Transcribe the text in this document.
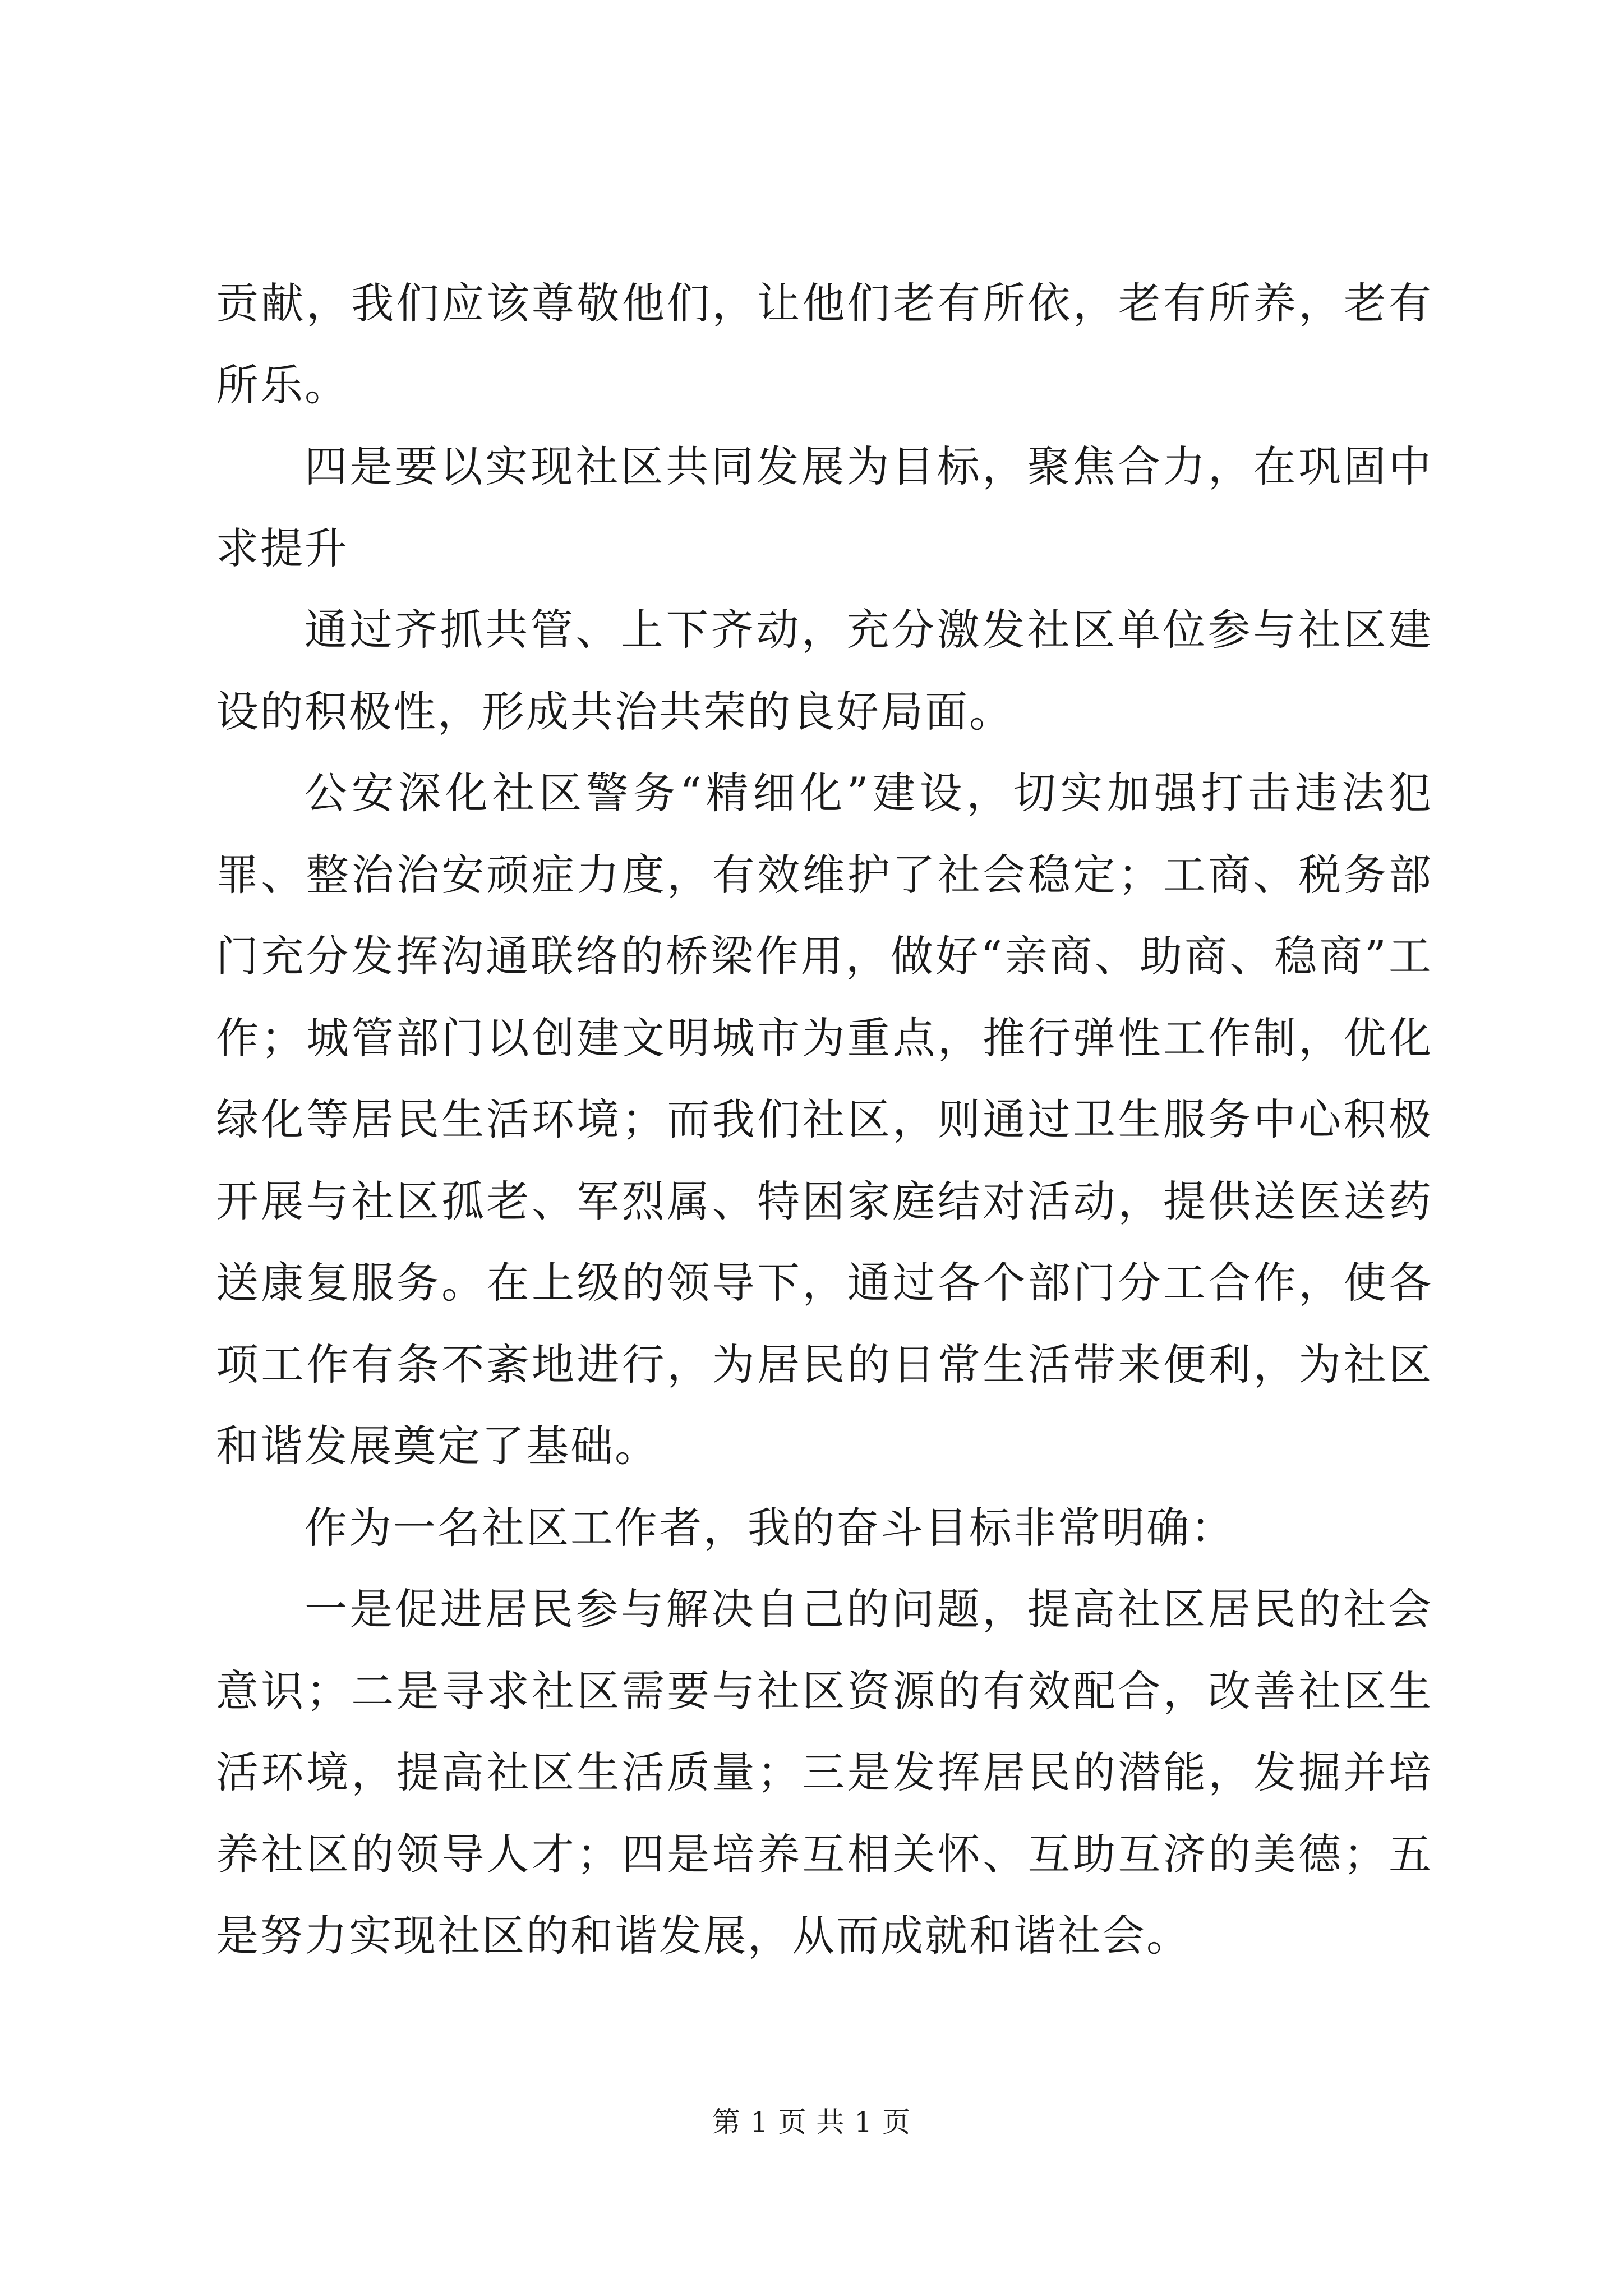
贡献，我们应该尊敬他们，让他们老有所依，老有所养，老有所乐。

四是要以实现社区共同发展为目标，聚焦合力，在巩固中求提升

通过齐抓共管、上下齐动，充分激发社区单位参与社区建设的积极性，形成共治共荣的良好局面。

公安深化社区警务“精细化”建设，切实加强打击违法犯罪、整治治安顽症力度，有效维护了社会稳定；工商、税务部门充分发挥沟通联络的桥梁作用，做好“亲商、助商、稳商”工作；城管部门以创建文明城市为重点，推行弹性工作制，优化绿化等居民生活环境；而我们社区，则通过卫生服务中心积极开展与社区孤老、军烈属、特困家庭结对活动，提供送医送药送康复服务。在上级的领导下，通过各个部门分工合作，使各项工作有条不紊地进行，为居民的日常生活带来便利，为社区和谐发展奠定了基础。

作为一名社区工作者，我的奋斗目标非常明确：

一是促进居民参与解决自己的问题，提高社区居民的社会意识；二是寻求社区需要与社区资源的有效配合，改善社区生活环境，提高社区生活质量；三是发挥居民的潜能，发掘并培养社区的领导人才；四是培养互相关怀、互助互济的美德；五是努力实现社区的和谐发展，从而成就和谐社会。

第 1 页 共 1 页
